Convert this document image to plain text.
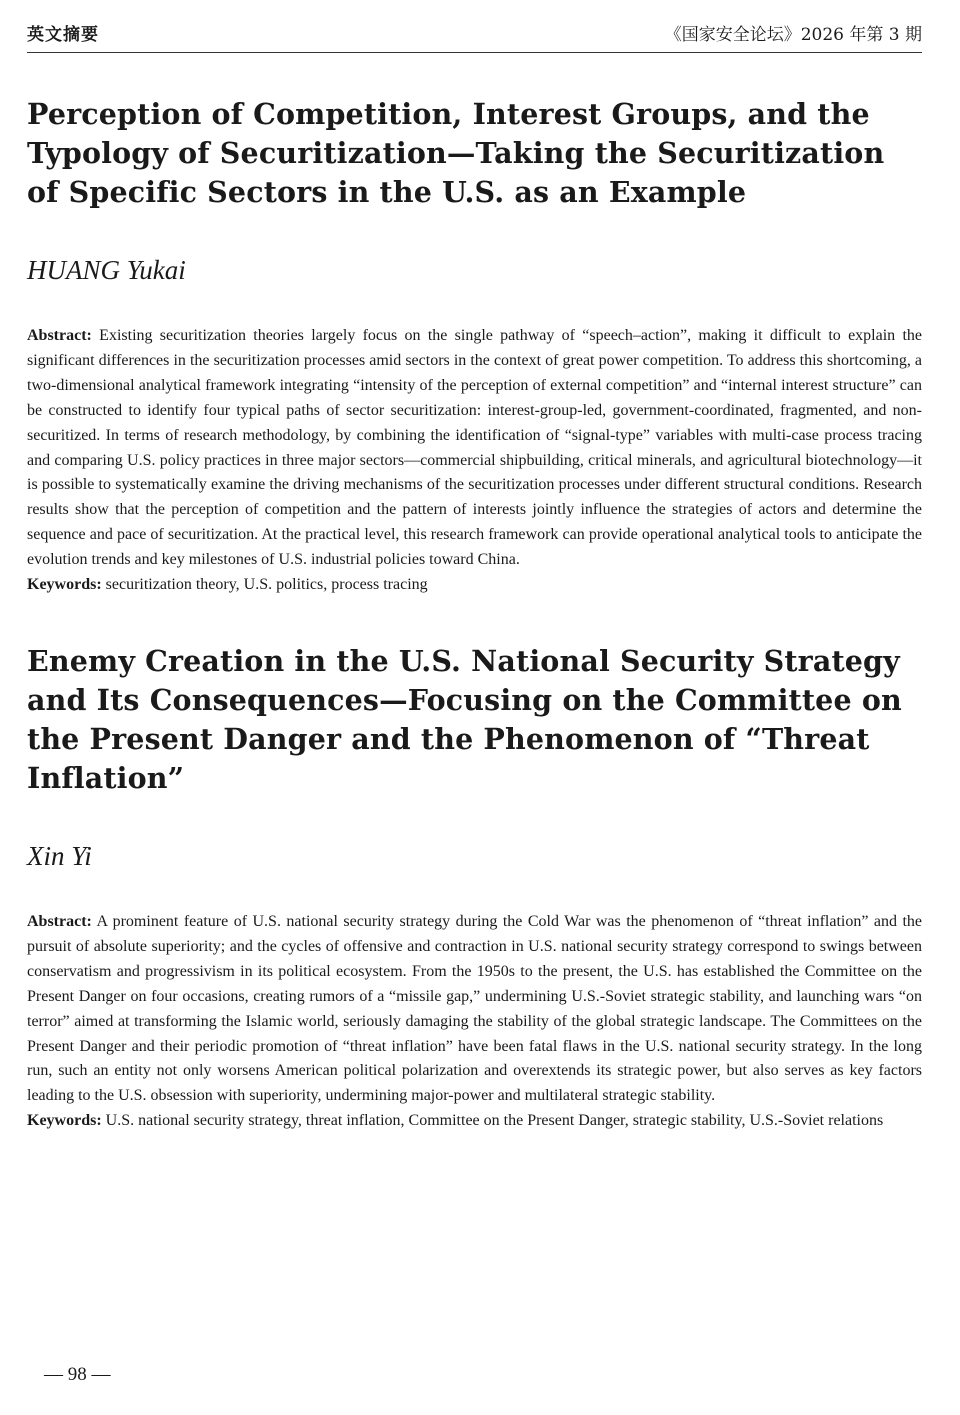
英文摘要	《国家安全论坛》2026 年第 3 期
Perception of Competition, Interest Groups, and the Typology of Securitization—Taking the Securitization of Specific Sectors in the U.S. as an Example

HUANG Yukai

Abstract: Existing securitization theories largely focus on the single pathway of “speech–action”, making it difficult to explain the significant differences in the securitization processes amid sectors in the context of great power competition. To address this shortcoming, a two-dimensional analytical framework integrating “intensity of the perception of external competition” and “internal interest structure” can be constructed to identify four typical paths of sector securitization: interest-group-led, government-coordinated, fragmented, and non-securitized. In terms of research methodology, by combining the identification of “signal-type” variables with multi-case process tracing and comparing U.S. policy practices in three major sectors—commercial shipbuilding, critical minerals, and agricultural biotechnology—it is possible to systematically examine the driving mechanisms of the securitization processes under different structural conditions. Research results show that the perception of competition and the pattern of interests jointly influence the strategies of actors and determine the sequence and pace of securitization. At the practical level, this research framework can provide operational analytical tools to anticipate the evolution trends and key milestones of U.S. industrial policies toward China.

Keywords: securitization theory, U.S. politics, process tracing

Enemy Creation in the U.S. National Security Strategy and Its Consequences—Focusing on the Committee on the Present Danger and the Phenomenon of “Threat Inflation”

Xin Yi

Abstract: A prominent feature of U.S. national security strategy during the Cold War was the phenomenon of “threat inflation” and the pursuit of absolute superiority; and the cycles of offensive and contraction in U.S. national security strategy correspond to swings between conservatism and progressivism in its political ecosystem. From the 1950s to the present, the U.S. has established the Committee on the Present Danger on four occasions, creating rumors of a “missile gap,” undermining U.S.-Soviet strategic stability, and launching wars “on terror” aimed at transforming the Islamic world, seriously damaging the stability of the global strategic landscape. The Committees on the Present Danger and their periodic promotion of “threat inflation” have been fatal flaws in the U.S. national security strategy. In the long run, such an entity not only worsens American political polarization and overextends its strategic power, but also serves as key factors leading to the U.S. obsession with superiority, undermining major-power and multilateral strategic stability.

Keywords: U.S. national security strategy, threat inflation, Committee on the Present Danger, strategic stability, U.S.-Soviet relations

— 98 —
